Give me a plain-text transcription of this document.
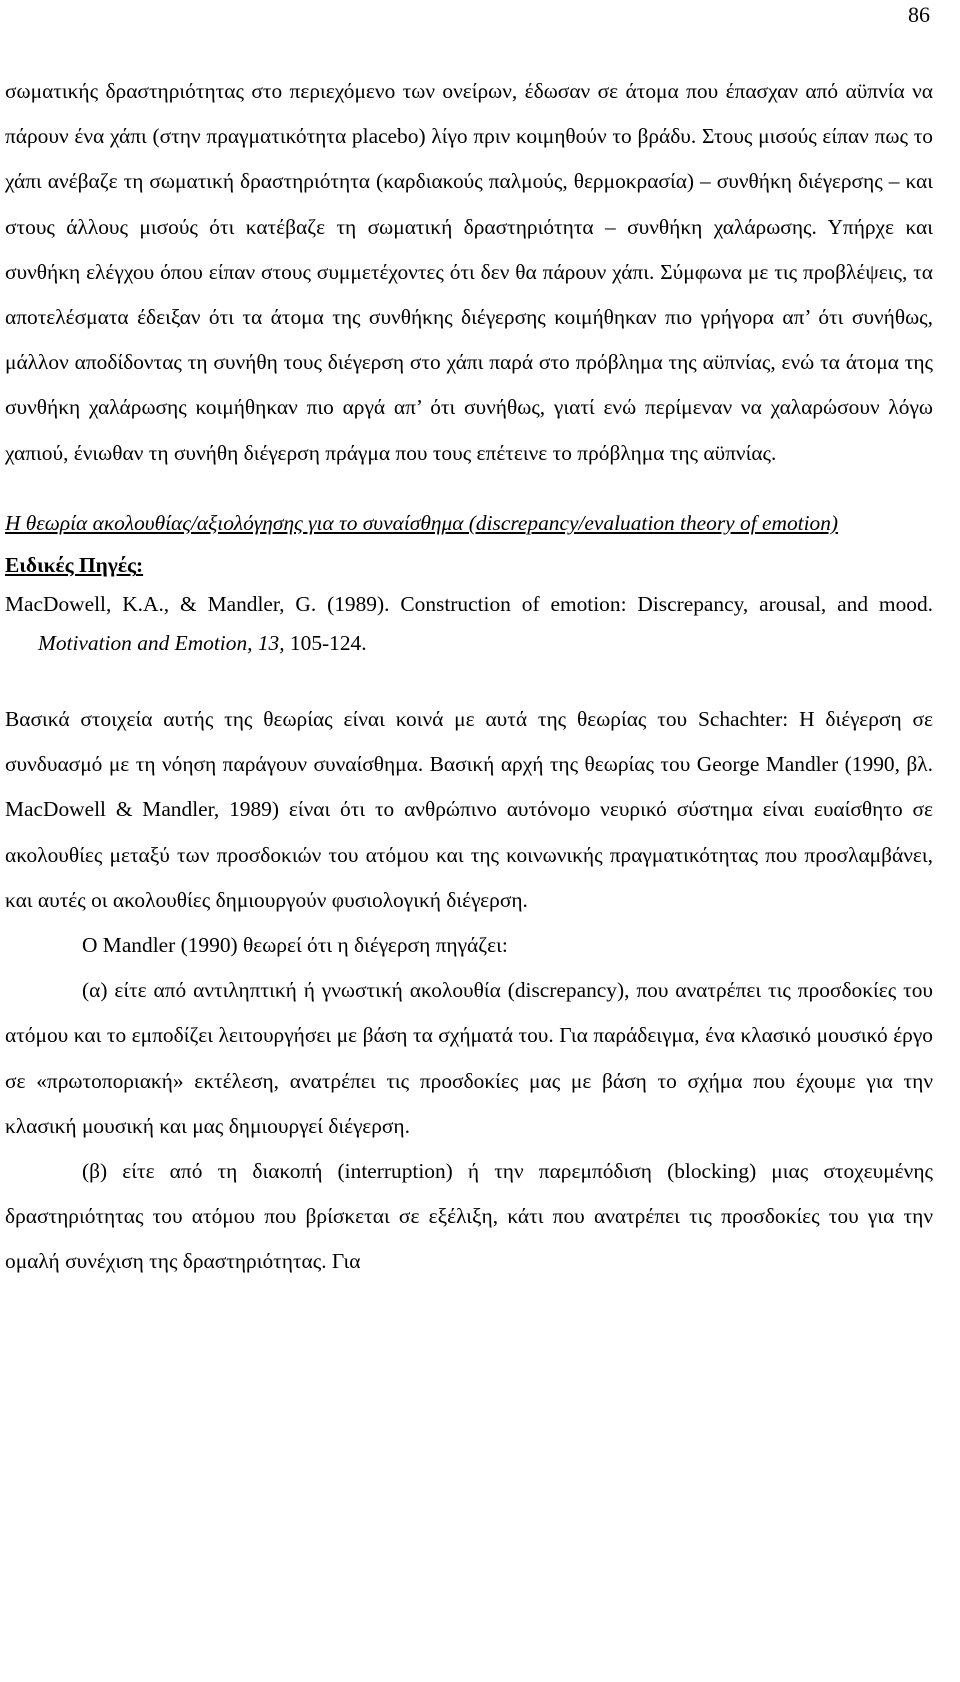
86

σωματικής δραστηριότητας στο περιεχόμενο των ονείρων, έδωσαν σε άτομα που έπασχαν από αϋπνία να πάρουν ένα χάπι (στην πραγματικότητα placebo) λίγο πριν κοιμηθούν το βράδυ. Στους μισούς είπαν πως το χάπι ανέβαζε τη σωματική δραστηριότητα (καρδιακούς παλμούς, θερμοκρασία) – συνθήκη διέγερσης – και στους άλλους μισούς ότι κατέβαζε τη σωματική δραστηριότητα – συνθήκη χαλάρωσης. Υπήρχε και συνθήκη ελέγχου όπου είπαν στους συμμετέχοντες ότι δεν θα πάρουν χάπι. Σύμφωνα με τις προβλέψεις, τα αποτελέσματα έδειξαν ότι τα άτομα της συνθήκης διέγερσης κοιμήθηκαν πιο γρήγορα απ’ ότι συνήθως, μάλλον αποδίδοντας τη συνήθη τους διέγερση στο χάπι παρά στο πρόβλημα της αϋπνίας, ενώ τα άτομα της συνθήκη χαλάρωσης κοιμήθηκαν πιο αργά απ’ ότι συνήθως, γιατί ενώ περίμεναν να χαλαρώσουν λόγω χαπιού, ένιωθαν τη συνήθη διέγερση πράγμα που τους επέτεινε το πρόβλημα της αϋπνίας.

Η θεωρία ακολουθίας/αξιολόγησης για το συναίσθημα (discrepancy/evaluation theory of emotion)

Ειδικές Πηγές:

MacDowell, K.A., & Mandler, G. (1989). Construction of emotion: Discrepancy, arousal, and mood. Motivation and Emotion, 13, 105-124.

Βασικά στοιχεία αυτής της θεωρίας είναι κοινά με αυτά της θεωρίας του Schachter: Η διέγερση σε συνδυασμό με τη νόηση παράγουν συναίσθημα. Βασική αρχή της θεωρίας του George Mandler (1990, βλ. MacDowell & Mandler, 1989) είναι ότι το ανθρώπινο αυτόνομο νευρικό σύστημα είναι ευαίσθητο σε ακολουθίες μεταξύ των προσδοκιών του ατόμου και της κοινωνικής πραγματικότητας που προσλαμβάνει, και αυτές οι ακολουθίες δημιουργούν φυσιολογική διέγερση.

Ο Mandler (1990) θεωρεί ότι η διέγερση πηγάζει:

(α) είτε από αντιληπτική ή γνωστική ακολουθία (discrepancy), που ανατρέπει τις προσδοκίες του ατόμου και το εμποδίζει λειτουργήσει με βάση τα σχήματά του. Για παράδειγμα, ένα κλασικό μουσικό έργο σε «πρωτοποριακή» εκτέλεση, ανατρέπει τις προσδοκίες μας με βάση το σχήμα που έχουμε για την κλασική μουσική και μας δημιουργεί διέγερση.

(β) είτε από τη διακοπή (interruption) ή την παρεμπόδιση (blocking) μιας στοχευμένης δραστηριότητας του ατόμου που βρίσκεται σε εξέλιξη, κάτι που ανατρέπει τις προσδοκίες του για την ομαλή συνέχιση της δραστηριότητας. Για
